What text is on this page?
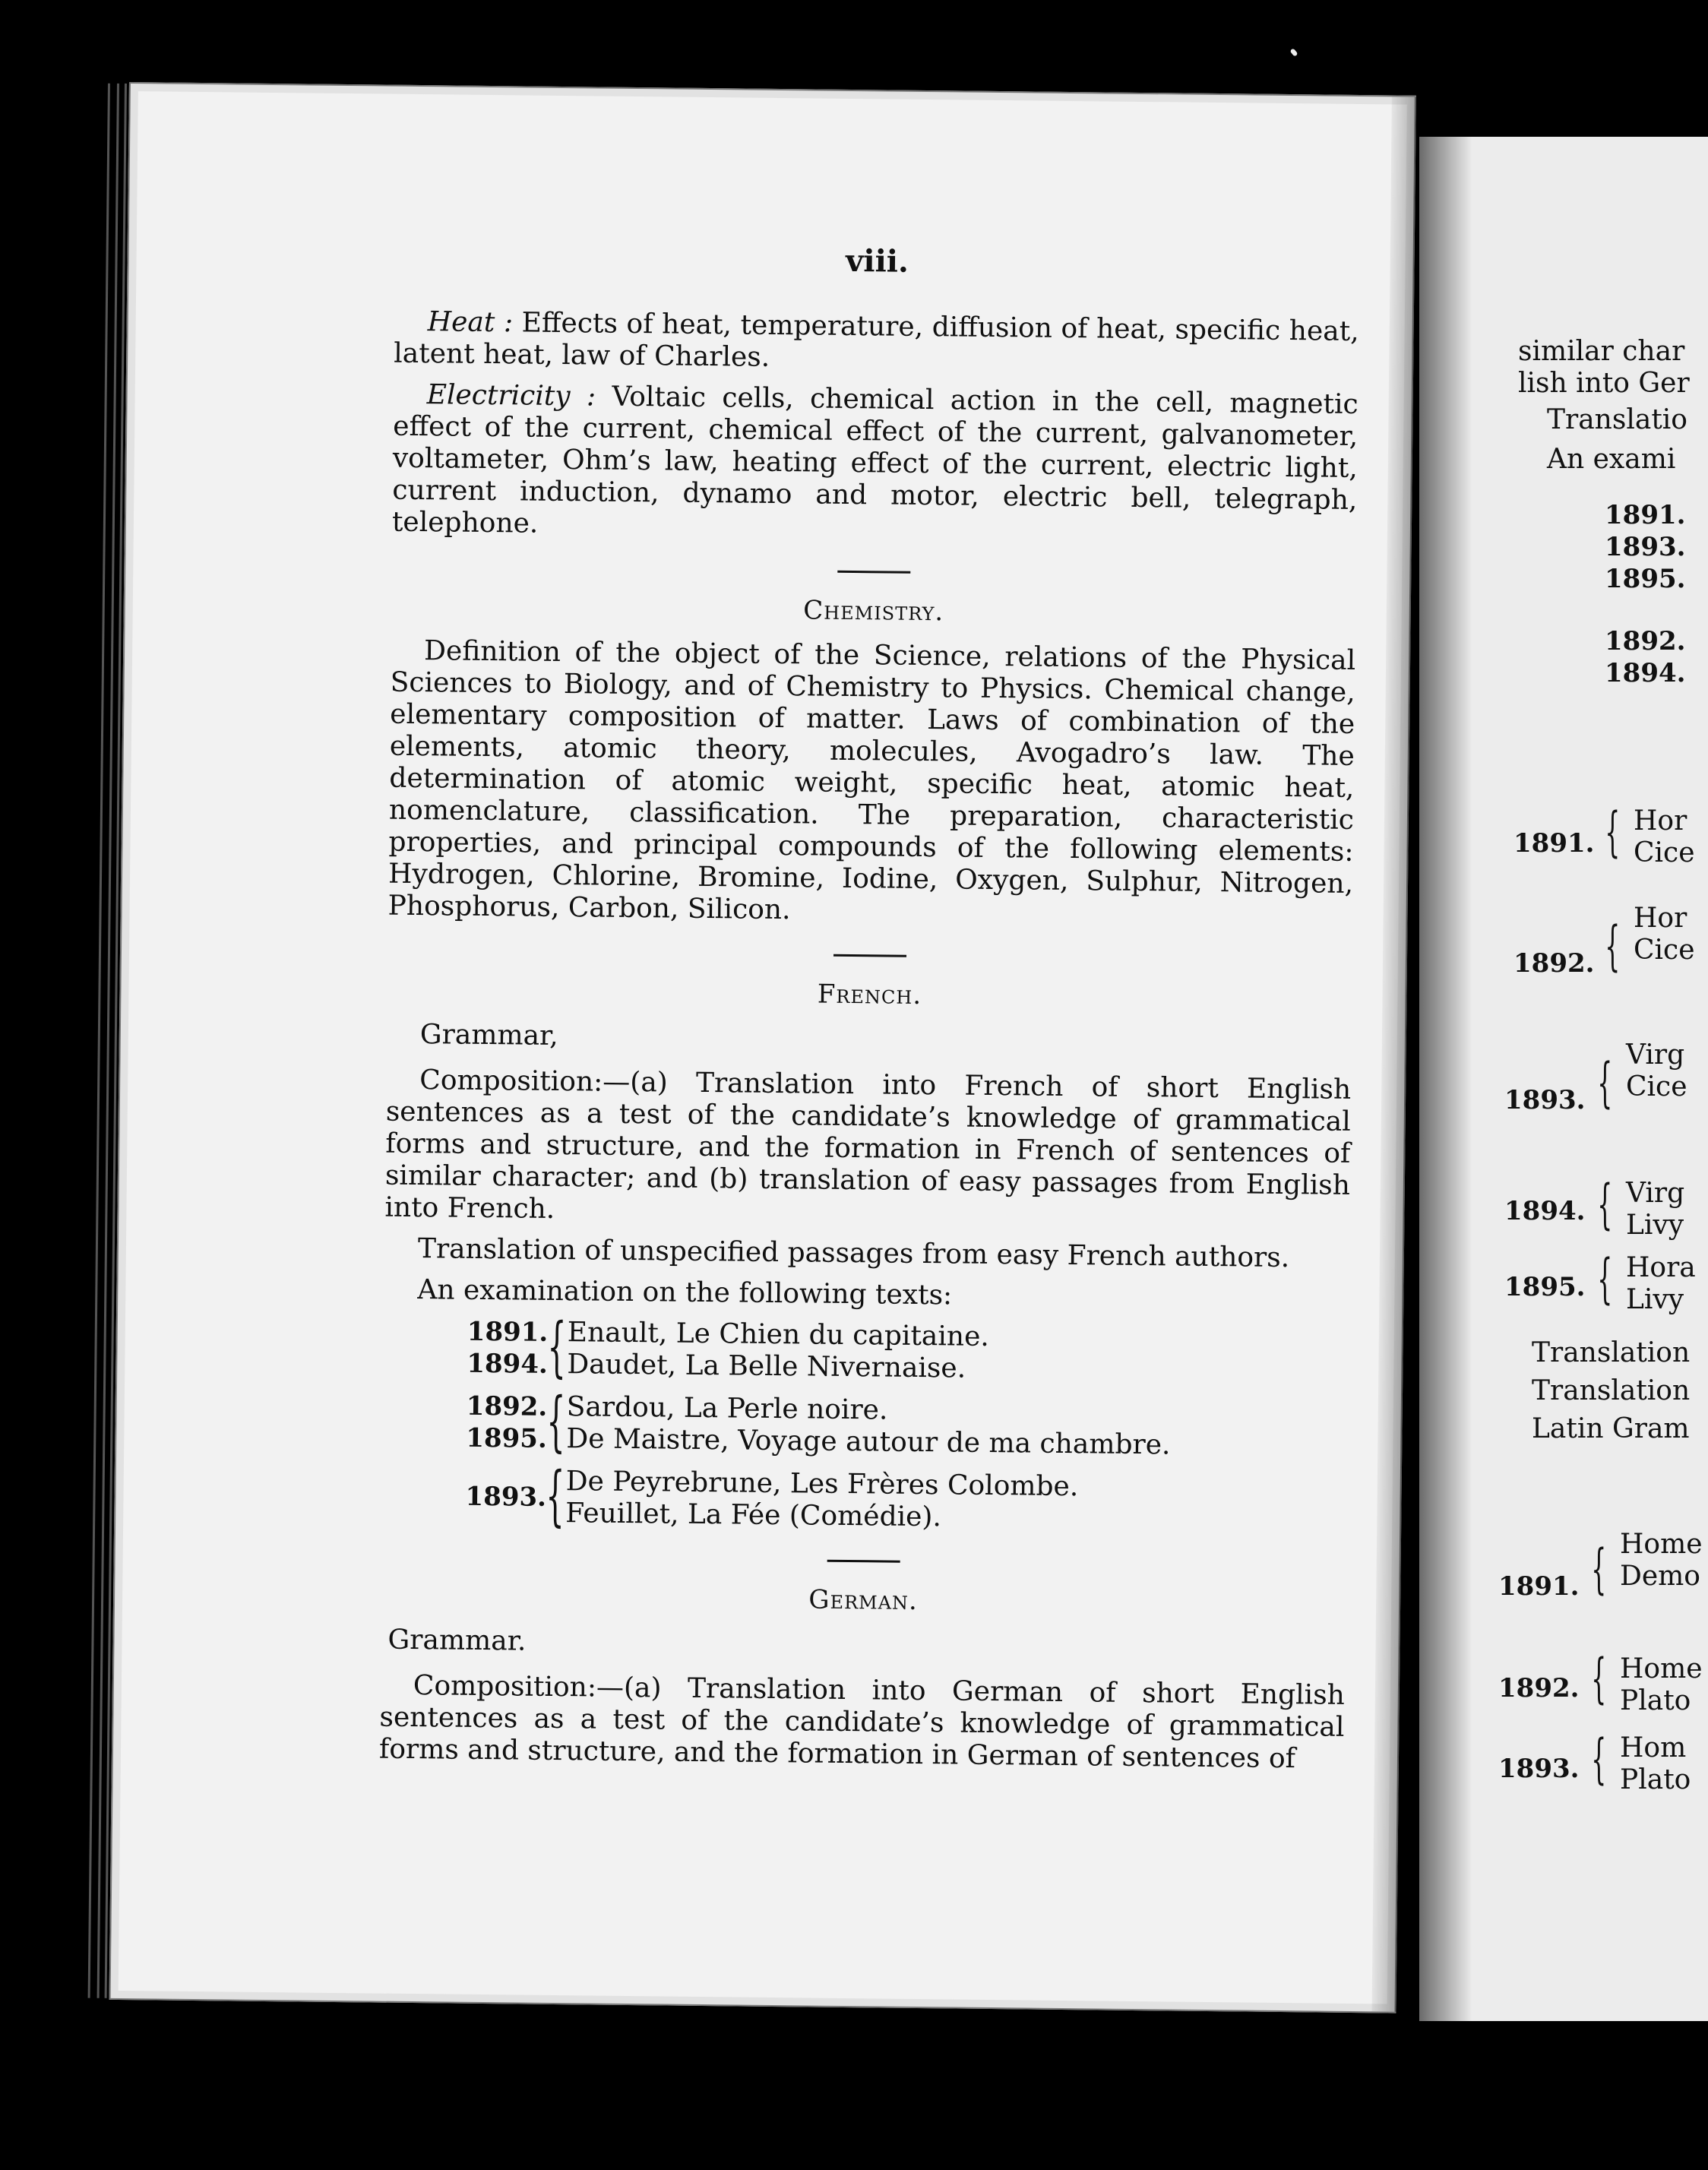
viii.

Heat : Effects of heat, temperature, diffusion of heat, specific heat, latent heat, law of Charles.

Electricity : Voltaic cells, chemical action in the cell, magnetic effect of the current, chemical effect of the current, galvanometer, voltameter, Ohm’s law, heating effect of the current, electric light, current induction, dynamo and motor, electric bell, telegraph, telephone.

Chemistry.

Definition of the object of the Science, relations of the Physical Sciences to Biology, and of Chemistry to Physics. Chemical change, elementary composition of matter. Laws of combination of the elements, atomic theory, molecules, Avogadro’s law. The determination of atomic weight, specific heat, atomic heat, nomenclature, classification. The preparation, characteristic properties, and principal compounds of the following elements: Hydrogen, Chlorine, Bromine, Iodine, Oxygen, Sulphur, Nitrogen, Phosphorus, Carbon, Silicon.

French.

Grammar,

Composition:—(a) Translation into French of short English sentences as a test of the candidate’s knowledge of grammatical forms and structure, and the formation in French of sentences of similar character; and (b) translation of easy passages from English into French.

Translation of unspecified passages from easy French authors.

An examination on the following texts:

1891.
1894.
{ Enault, Le Chien du capitaine.
Daudet, La Belle Nivernaise.
1892.
1895.
{ Sardou, La Perle noire.
De Maistre, Voyage autour de ma chambre.
1893.
{ De Peyrebrune, Les Frères Colombe.
Feuillet, La Fée (Comédie).
German.

Grammar.

Composition:—(a) Translation into German of short English sentences as a test of the candidate’s knowledge of grammatical forms and structure, and the formation in German of sentences of

similar char
lish into Ger
Translatio
An exami
1891.
1893.
1895.
1892.
1894.
1891. { Hor
Cice
1892. { Hor
Cice
1893. { Virg
Cice
1894. { Virg
Livy
1895. { Hora
Livy
Translation
Translation
Latin Gram
1891. { Home
Demo
1892. { Home
Plato
1893. { Hom
Plato
